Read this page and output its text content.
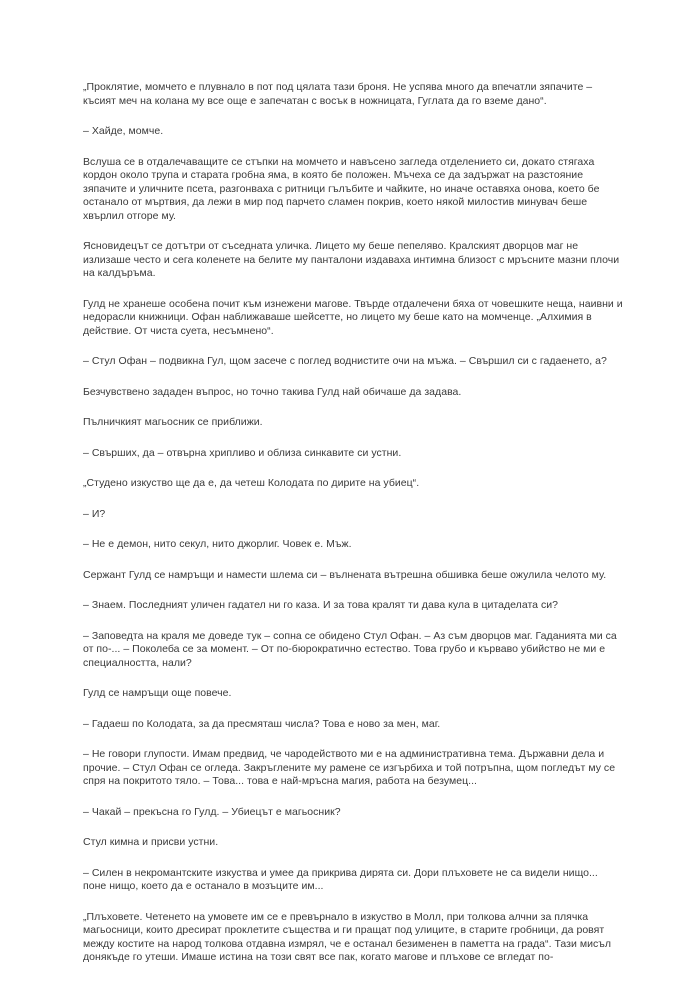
„Проклятие, момчето е плувнало в пот под цялата тази броня. Не успява много да впечатли зяпачите – късият меч на колана му все още е запечатан с восък в ножницата, Гуглата да го вземе дано“.

– Хайде, момче.

Вслуша се в отдалечаващите се стъпки на момчето и навъсено загледа отделението си, докато стягаха кордон около трупа и старата гробна яма, в която бе положен. Мъчеха се да задържат на разстояние зяпачите и уличните псета, разгонваха с ритници гълъбите и чайките, но иначе оставяха онова, което бе останало от мъртвия, да лежи в мир под парчето сламен покрив, което някой милостив минувач беше хвърлил отгоре му.

Ясновидецът се дотътри от съседната уличка. Лицето му беше пепеляво. Кралският дворцов маг не излизаше често и сега коленете на белите му панталони издаваха интимна близост с мръсните мазни плочи на калдъръма.

Гулд не хранеше особена почит към изнежени магове. Твърде отдалечени бяха от човешките неща, наивни и недорасли книжници. Офан наближаваше шейсетте, но лицето му беше като на момченце. „Алхимия в действие. От чиста суета, несъмнено“.

– Стул Офан – подвикна Гул, щом засече с поглед воднистите очи на мъжа. – Свършил си с гадаенето, а?

Безчувствено зададен въпрос, но точно такива Гулд най обичаше да задава.

Пълничкият магьосник се приближи.

– Свърших, да – отвърна хрипливо и облиза синкавите си устни.

„Студено изкуство ще да е, да четеш Колодата по дирите на убиец“.

– И?

– Не е демон, нито секул, нито джорлиг. Човек е. Мъж.

Сержант Гулд се намръщи и намести шлема си – вълнената вътрешна обшивка беше ожулила челото му.

– Знаем. Последният уличен гадател ни го каза. И за това кралят ти дава кула в цитаделата си?

– Заповедта на краля ме доведе тук – сопна се обидено Стул Офан. – Аз съм дворцов маг. Гаданията ми са от по-... – Поколеба се за момент. – От по-бюрократично естество. Това грубо и кърваво убийство не ми е специалността, нали?

Гулд се намръщи още повече.

– Гадаеш по Колодата, за да пресмяташ числа? Това е ново за мен, маг.

– Не говори глупости. Имам предвид, че чародейството ми е на административна тема. Държавни дела и прочие. – Стул Офан се огледа. Закръглените му рамене се изгърбиха и той потръпна, щом погледът му се спря на покритото тяло. – Това... това е най-мръсна магия, работа на безумец...

– Чакай – прекъсна го Гулд. – Убиецът е магьосник?

Стул кимна и присви устни.

– Силен в некромантските изкуства и умее да прикрива дирята си. Дори плъховете не са видели нищо... поне нищо, което да е останало в мозъците им...

„Плъховете. Четенето на умовете им се е превърнало в изкуство в Молл, при толкова алчни за плячка магьосници, които дресират проклетите същества и ги пращат под улиците, в старите гробници, да ровят между костите на народ толкова отдавна измрял, че е останал безименен в паметта на града“. Тази мисъл донякъде го утеши. Имаше истина на този свят все пак, когато магове и плъхове се вгледат по-
